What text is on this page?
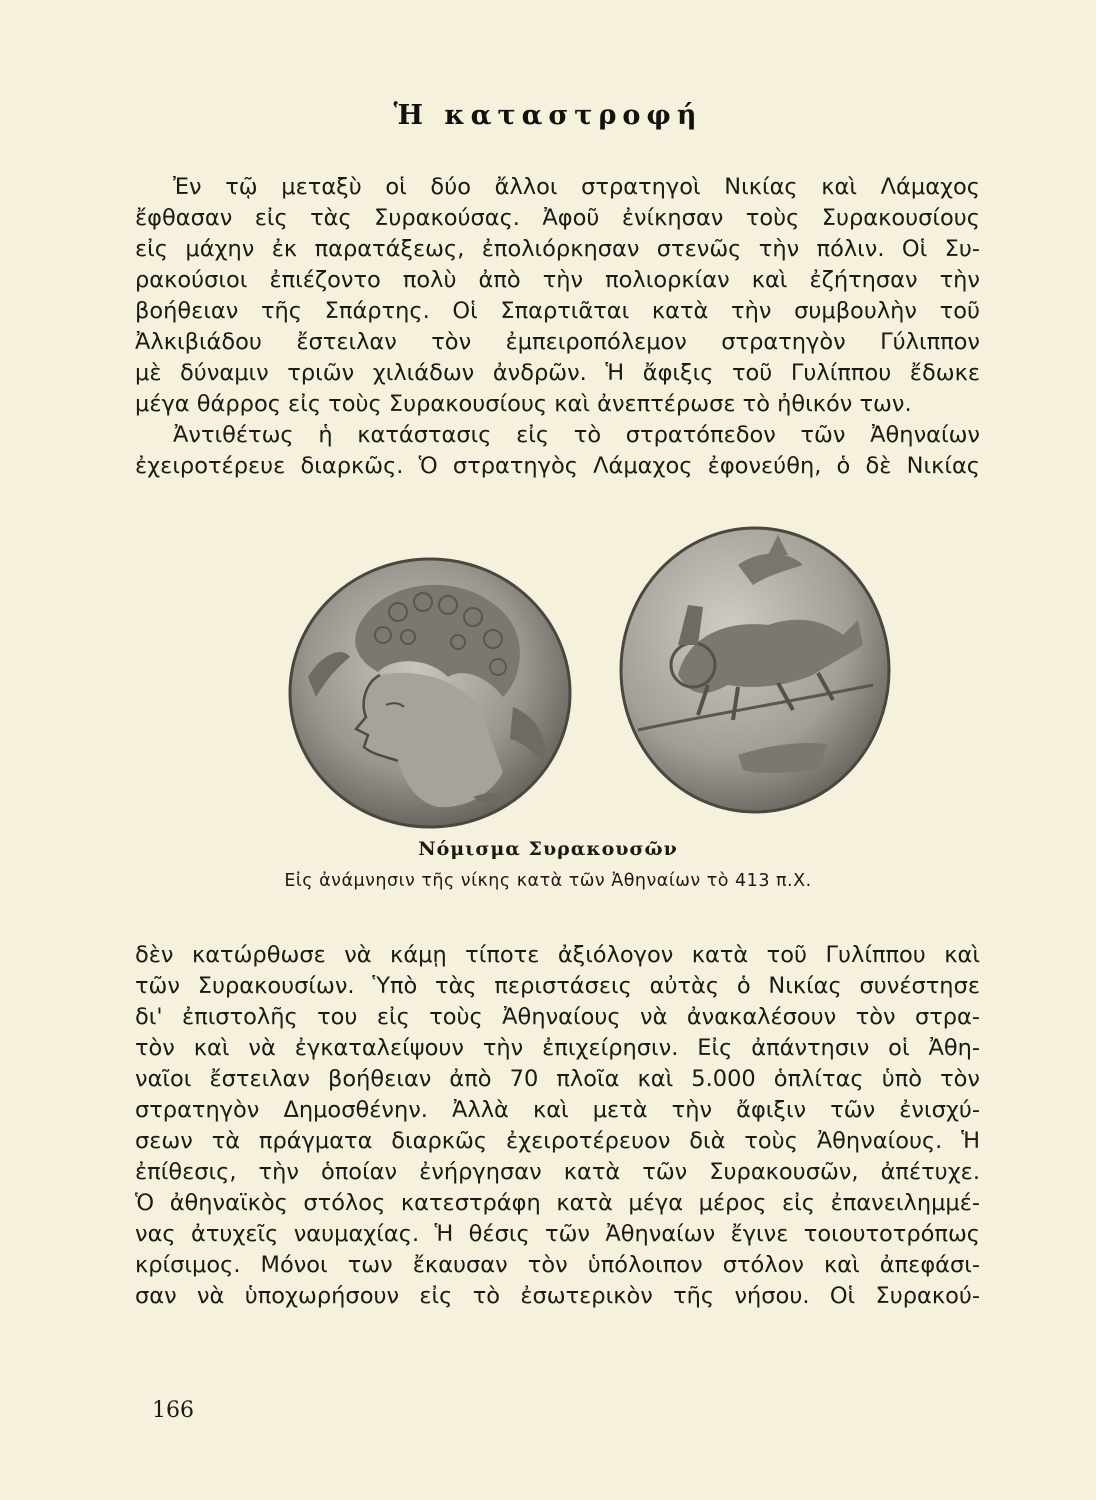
Ἡ καταστροφή
Ἐν τῷ μεταξὺ οἱ δύο ἄλλοι στρατηγοὶ Νικίας καὶ Λάμαχος
ἔφθασαν εἰς τὰς Συρακούσας. Ἀφοῦ ἐνίκησαν τοὺς Συρακουσίους
εἰς μάχην ἐκ παρατάξεως, ἐπολιόρκησαν στενῶς τὴν πόλιν. Οἱ Συ-
ρακούσιοι ἐπιέζοντο πολὺ ἀπὸ τὴν πολιορκίαν καὶ ἐζήτησαν τὴν
βοήθειαν τῆς Σπάρτης. Οἱ Σπαρτιᾶται κατὰ τὴν συμβουλὴν τοῦ
Ἀλκιβιάδου ἔστειλαν τὸν ἐμπειροπόλεμον στρατηγὸν Γύλιππον
μὲ δύναμιν τριῶν χιλιάδων ἀνδρῶν. Ἡ ἄφιξις τοῦ Γυλίππου ἔδωκε
μέγα θάρρος εἰς τοὺς Συρακουσίους καὶ ἀνεπτέρωσε τὸ ἠθικόν των.
Ἀντιθέτως ἡ κατάστασις εἰς τὸ στρατόπεδον τῶν Ἀθηναίων
ἐχειροτέρευε διαρκῶς. Ὁ στρατηγὸς Λάμαχος ἐφονεύθη, ὁ δὲ Νικίας
Νόμισμα Συρακουσῶν
Εἰς ἀνάμνησιν τῆς νίκης κατὰ τῶν Ἀθηναίων τὸ 413 π.Χ.
δὲν κατώρθωσε νὰ κάμῃ τίποτε ἀξιόλογον κατὰ τοῦ Γυλίππου καὶ
τῶν Συρακουσίων. Ὑπὸ τὰς περιστάσεις αὐτὰς ὁ Νικίας συνέστησε
δι' ἐπιστολῆς του εἰς τοὺς Ἀθηναίους νὰ ἀνακαλέσουν τὸν στρα-
τὸν καὶ νὰ ἐγκαταλείψουν τὴν ἐπιχείρησιν. Εἰς ἀπάντησιν οἱ Ἀθη-
ναῖοι ἔστειλαν βοήθειαν ἀπὸ 70 πλοῖα καὶ 5.000 ὁπλίτας ὑπὸ τὸν
στρατηγὸν Δημοσθένην. Ἀλλὰ καὶ μετὰ τὴν ἄφιξιν τῶν ἐνισχύ-
σεων τὰ πράγματα διαρκῶς ἐχειροτέρευον διὰ τοὺς Ἀθηναίους. Ἡ
ἐπίθεσις, τὴν ὁποίαν ἐνήργησαν κατὰ τῶν Συρακουσῶν, ἀπέτυχε.
Ὁ ἀθηναϊκὸς στόλος κατεστράφη κατὰ μέγα μέρος εἰς ἐπανειλημμέ-
νας ἀτυχεῖς ναυμαχίας. Ἡ θέσις τῶν Ἀθηναίων ἔγινε τοιουτοτρόπως
κρίσιμος. Μόνοι των ἔκαυσαν τὸν ὑπόλοιπον στόλον καὶ ἀπεφάσι-
σαν νὰ ὑποχωρήσουν εἰς τὸ ἐσωτερικὸν τῆς νήσου. Οἱ Συρακού-
166
